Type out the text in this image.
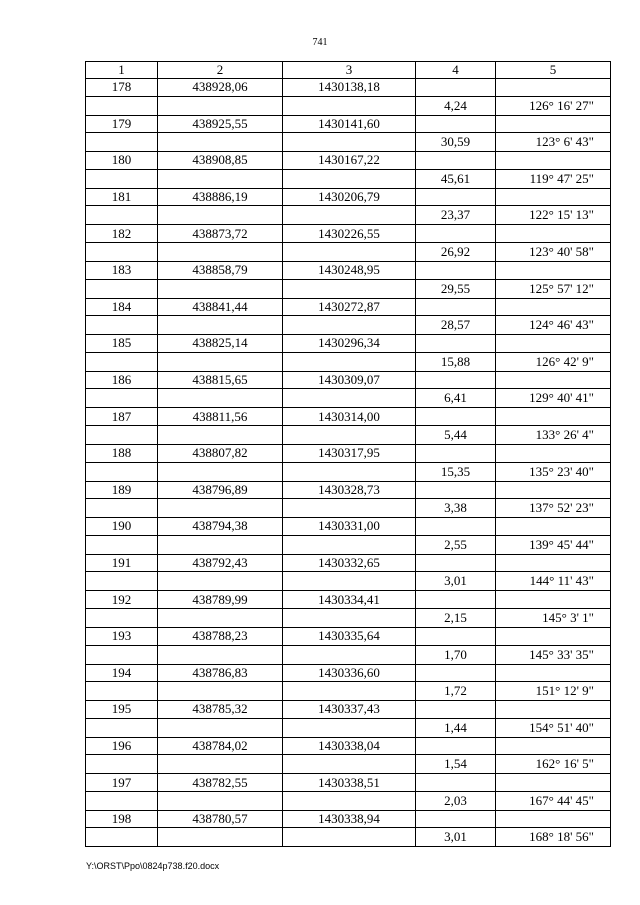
741
1	2	3	4	5
178	438928,06	1430138,18		
			4,24	126° 16' 27"
179	438925,55	1430141,60		
			30,59	123° 6' 43"
180	438908,85	1430167,22		
			45,61	119° 47' 25"
181	438886,19	1430206,79		
			23,37	122° 15' 13"
182	438873,72	1430226,55		
			26,92	123° 40' 58"
183	438858,79	1430248,95		
			29,55	125° 57' 12"
184	438841,44	1430272,87		
			28,57	124° 46' 43"
185	438825,14	1430296,34		
			15,88	126° 42' 9"
186	438815,65	1430309,07		
			6,41	129° 40' 41"
187	438811,56	1430314,00		
			5,44	133° 26' 4"
188	438807,82	1430317,95		
			15,35	135° 23' 40"
189	438796,89	1430328,73		
			3,38	137° 52' 23"
190	438794,38	1430331,00		
			2,55	139° 45' 44"
191	438792,43	1430332,65		
			3,01	144° 11' 43"
192	438789,99	1430334,41		
			2,15	145° 3' 1"
193	438788,23	1430335,64		
			1,70	145° 33' 35"
194	438786,83	1430336,60		
			1,72	151° 12' 9"
195	438785,32	1430337,43		
			1,44	154° 51' 40"
196	438784,02	1430338,04		
			1,54	162° 16' 5"
197	438782,55	1430338,51		
			2,03	167° 44' 45"
198	438780,57	1430338,94		
			3,01	168° 18' 56"
Y:\ORST\Ppo\0824p738.f20.docx
